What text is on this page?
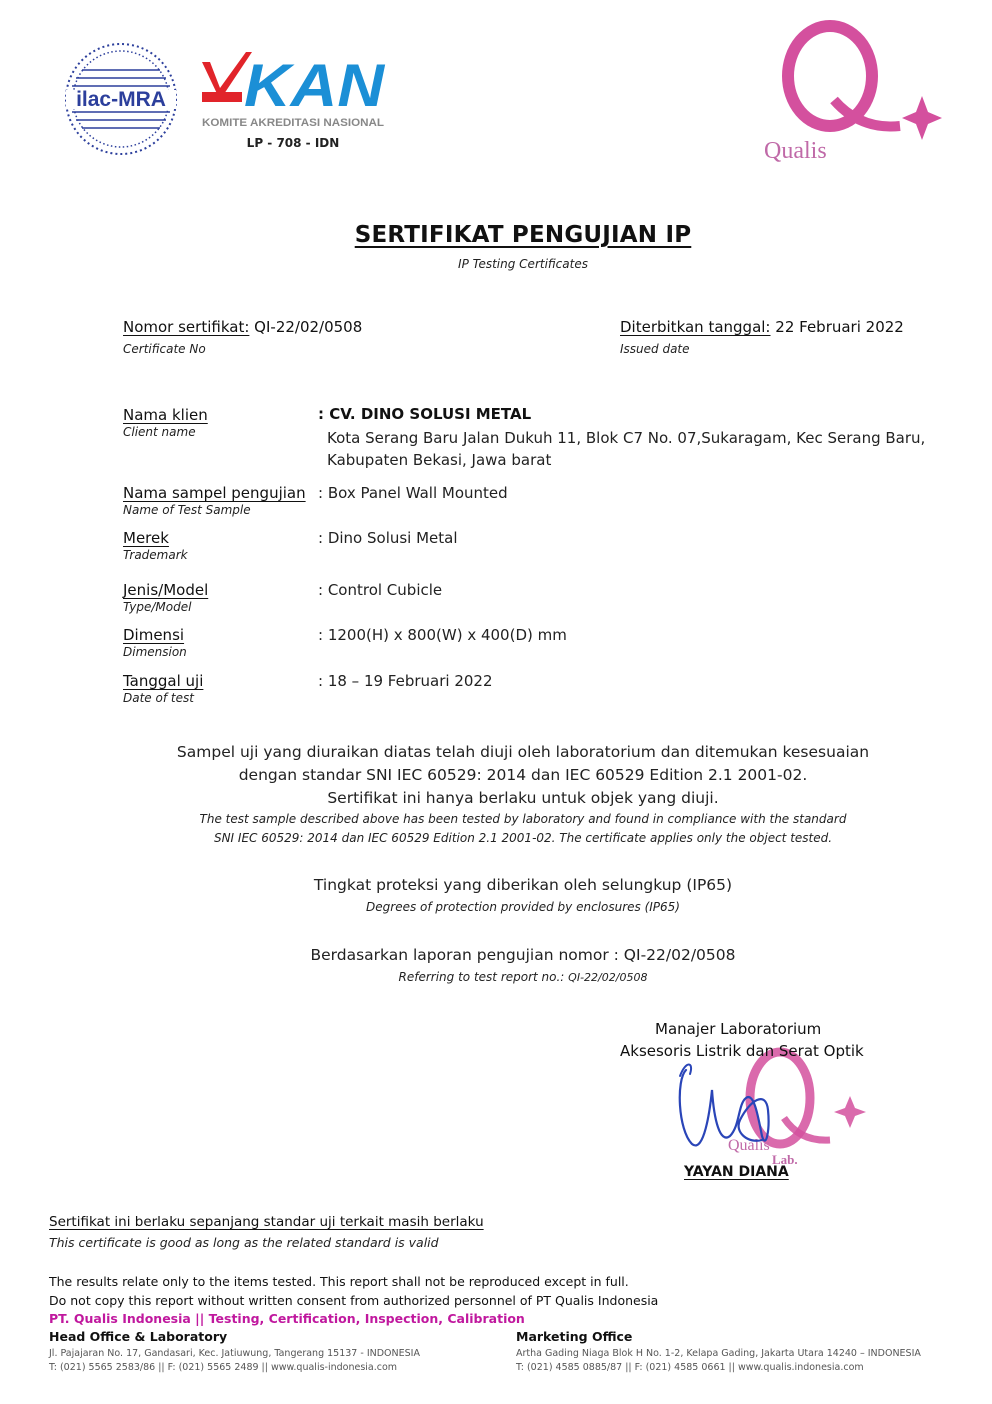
ilac-MRA KAN
KOMITE AKREDITASI NASIONAL
LP - 708 - IDN	Qualis
SERTIFIKAT PENGUJIAN IP
IP Testing Certificates
Nomor sertifikat: QI-22/02/0508
Certificate No
Diterbitkan tanggal: 22 Februari 2022
Issued date
Nama klien
Client name
: CV. DINO SOLUSI METAL
Kota Serang Baru Jalan Dukuh 11, Blok C7 No. 07,Sukaragam, Kec Serang Baru,
Kabupaten Bekasi, Jawa barat
Nama sampel pengujian
Name of Test Sample
: Box Panel Wall Mounted
Merek
Trademark
: Dino Solusi Metal
Jenis/Model
Type/Model
: Control Cubicle
Dimensi
Dimension
: 1200(H) x 800(W) x 400(D) mm
Tanggal uji
Date of test
: 18 – 19 Februari 2022
Sampel uji yang diuraikan diatas telah diuji oleh laboratorium dan ditemukan kesesuaian
dengan standar SNI IEC 60529: 2014 dan IEC 60529 Edition 2.1 2001-02.
Sertifikat ini hanya berlaku untuk objek yang diuji.
The test sample described above has been tested by laboratory and found in compliance with the standard
SNI IEC 60529: 2014 dan IEC 60529 Edition 2.1 2001-02. The certificate applies only the object tested.
Tingkat proteksi yang diberikan oleh selungkup (IP65)
Degrees of protection provided by enclosures (IP65)
Berdasarkan laporan pengujian nomor : QI-22/02/0508
Referring to test report no.: QI-22/02/0508
Qualis
Lab.
Manajer Laboratorium
Aksesoris Listrik dan Serat Optik
YAYAN DIANA
Sertifikat ini berlaku sepanjang standar uji terkait masih berlaku
This certificate is good as long as the related standard is valid
The results relate only to the items tested. This report shall not be reproduced except in full.
Do not copy this report without written consent from authorized personnel of PT Qualis Indonesia
PT. Qualis Indonesia || Testing, Certification, Inspection, Calibration
Head Office & Laboratory
Jl. Pajajaran No. 17, Gandasari, Kec. Jatiuwung, Tangerang 15137 - INDONESIA
T: (021) 5565 2583/86 || F: (021) 5565 2489 || www.qualis-indonesia.com
Marketing Office
Artha Gading Niaga Blok H No. 1-2, Kelapa Gading, Jakarta Utara 14240 – INDONESIA
T: (021) 4585 0885/87 || F: (021) 4585 0661 || www.qualis.indonesia.com
